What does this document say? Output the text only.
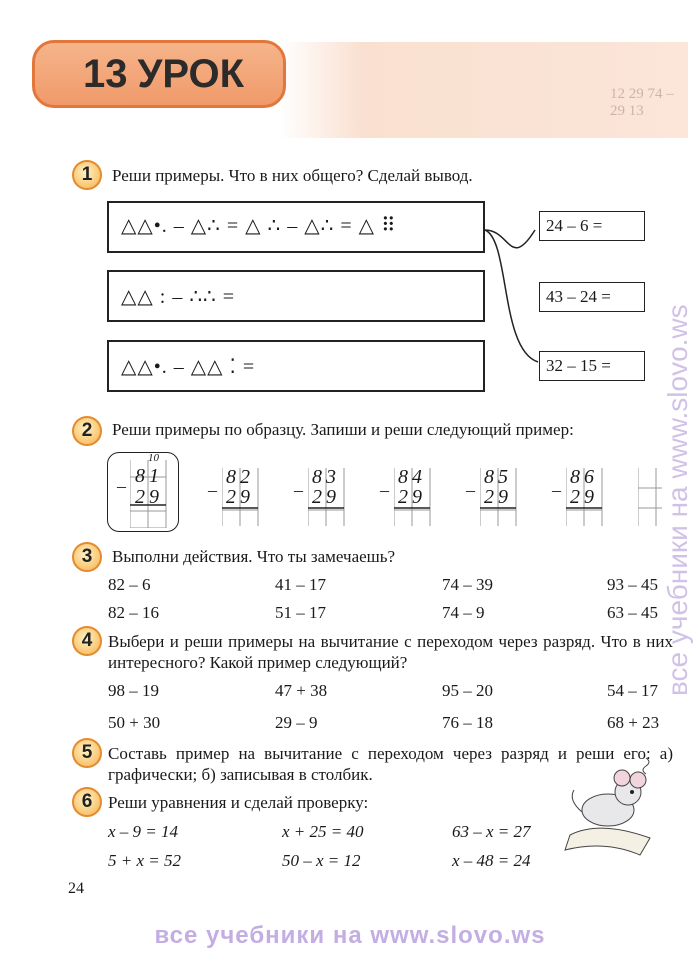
12 29 74 – 29 13
13 УРОК
1	Реши примеры. Что в них общего? Сделай вывод.
△△•. – △∴ = △ ∴ – △∴ = △ ⠿
△△ : – ∴∴ =
△△•. – △△ ⁚ =
24 – 6 =
43 – 24 =
32 – 15 =
2	Реши примеры по образцу. Запиши и реши следующий пример:
10
– 81
29	–
82
29 –
83
29 –
84
29 –
85
29 –
86
29
3	Выполни действия. Что ты замечаешь?
82 – 6	41 – 17	74 – 39	93 – 45
82 – 16	51 – 17	74 – 9	63 – 45
4 Выбери и реши примеры на вычитание с переходом через разряд. Что в них интересного? Какой пример следующий?
98 – 19	47 + 38	95 – 20	54 – 17
50 + 30	29 – 9	76 – 18	68 + 23
5 Составь пример на вычитание с переходом через разряд и реши его: а) графически; б) записывая в столбик.
6 Реши уравнения и сделай проверку:
x – 9 = 14	x + 25 = 40	63 – x = 27
5 + x = 52	50 – x = 12	x – 48 = 24
24
все учебники на www.slovo.ws
все учебники на www.slovo.ws
